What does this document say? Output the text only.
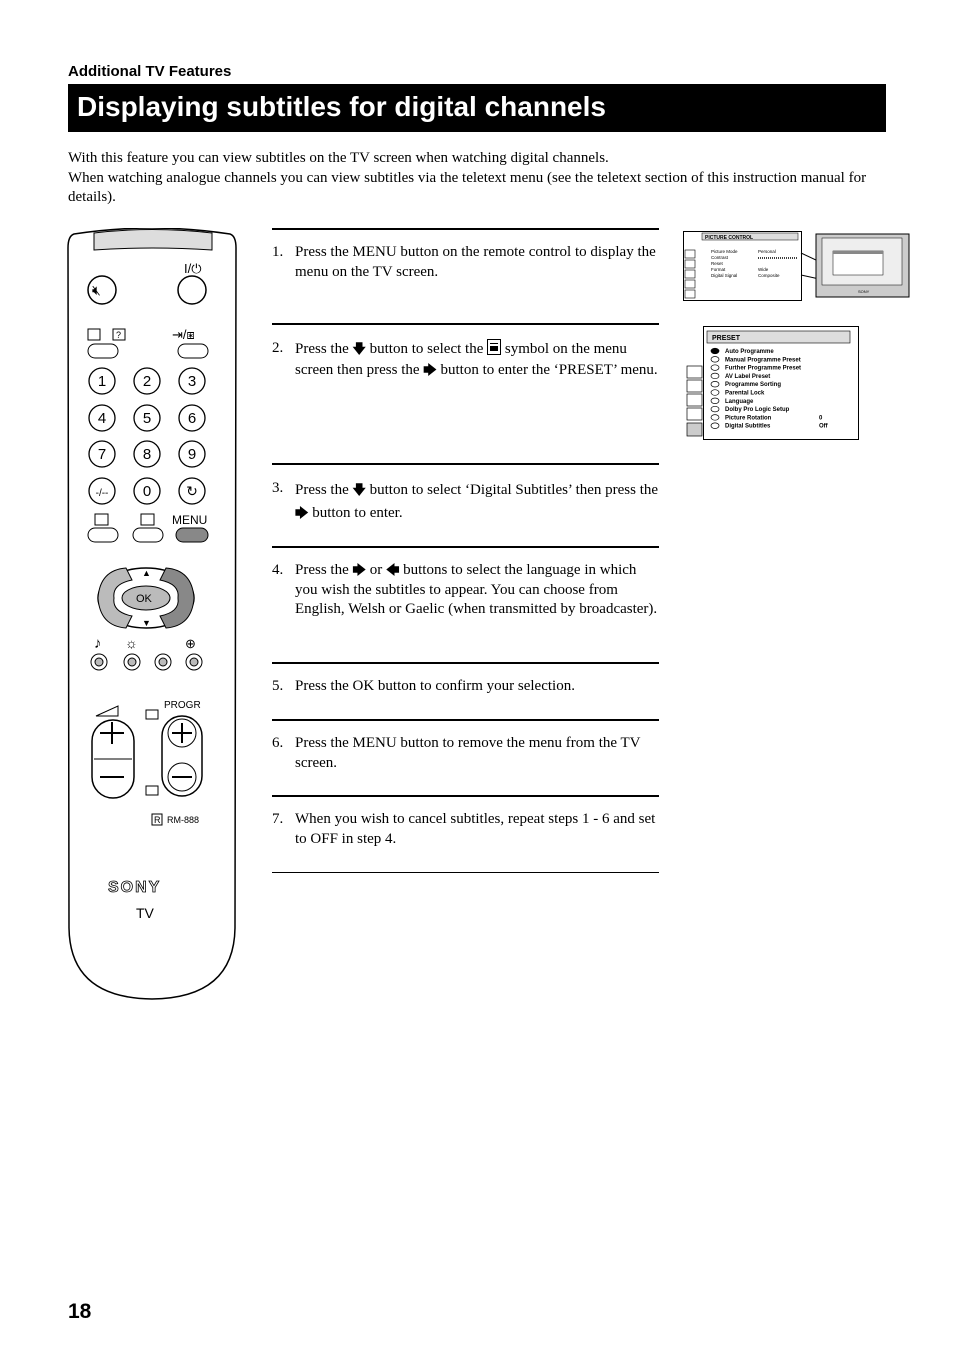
Additional TV Features
Displaying subtitles for digital channels

With this feature you can view subtitles on the TV screen when watching digital channels.

When watching analogue channels you can view subtitles via the teletext menu (see the teletext section of this instruction manual for details).

I/⏻
🔇︎
?	⇥/⧆
1 2 3
4 5 6
7 8 9
-/-- 0 ↻
MENU
OK
▲
▼
♪ ☼	⊕
PROGR
R RM-888
SONY
TV
1. Press the MENU button on the remote control to display the menu on the TV screen.
2. Press the 🡇 button to select the symbol on the menu screen then press the 🡆 button to enter the ‘PRESET’ menu.
3. Press the 🡇 button to select ‘Digital Subtitles’ then press the 🡆 button to enter.
4. Press the 🡆 or 🡄 buttons to select the language in which you wish the subtitles to appear. You can choose from English, Welsh or Gaelic (when transmitted by broadcaster).
5. Press the OK button to confirm your selection.
6. Press the MENU button to remove the menu from the TV screen.
7. When you wish to cancel subtitles, repeat steps 1 - 6 and set to OFF in step 4.
PICTURE CONTROL
Picture Mode	Personal
Contrast
Reset
Format	Wide
Digital Signal	Composite
SONY
PRESET
Auto Programme
Manual Programme Preset
Further Programme Preset
AV Label Preset
Programme Sorting
Parental Lock
Language
Dolby Pro Logic Setup
Picture Rotation	0
Digital Subtitles	Off
18
